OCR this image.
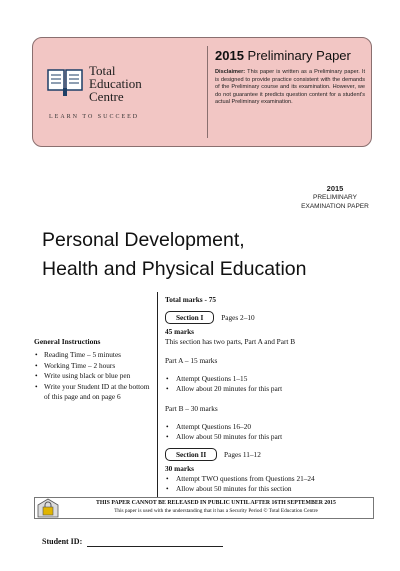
Total
Education
Centre
LEARN TO SUCCEED
2015 Preliminary Paper
Disclaimer: This paper is written as a Preliminary paper. It is designed to provide practice consistent with the demands of the Preliminary course and its examination. However, we do not guarantee it predicts question content for a student's actual Preliminary examination.
2015
PRELIMINARY
EXAMINATION PAPER
Personal Development,
Health and Physical Education
General Instructions
• Reading Time – 5 minutes
• Working Time – 2 hours
• Write using black or blue pen
• Write your Student ID at the bottom of this page and on page 6
Total marks - 75
Section I Pages 2–10
45 marks
This section has two parts, Part A and Part B
Part A – 15 marks
• Attempt Questions 1–15
• Allow about 20 minutes for this part
Part B – 30 marks
• Attempt Questions 16–20
• Allow about 50 minutes for this part
Section II Pages 11–12
30 marks
• Attempt TWO questions from Questions 21–24
• Allow about 50 minutes for this section
THIS PAPER CANNOT BE RELEASED IN PUBLIC UNTIL AFTER 16TH SEPTEMBER 2015
This paper is used with the understanding that it has a Security Period © Total Education Centre
Student ID:
